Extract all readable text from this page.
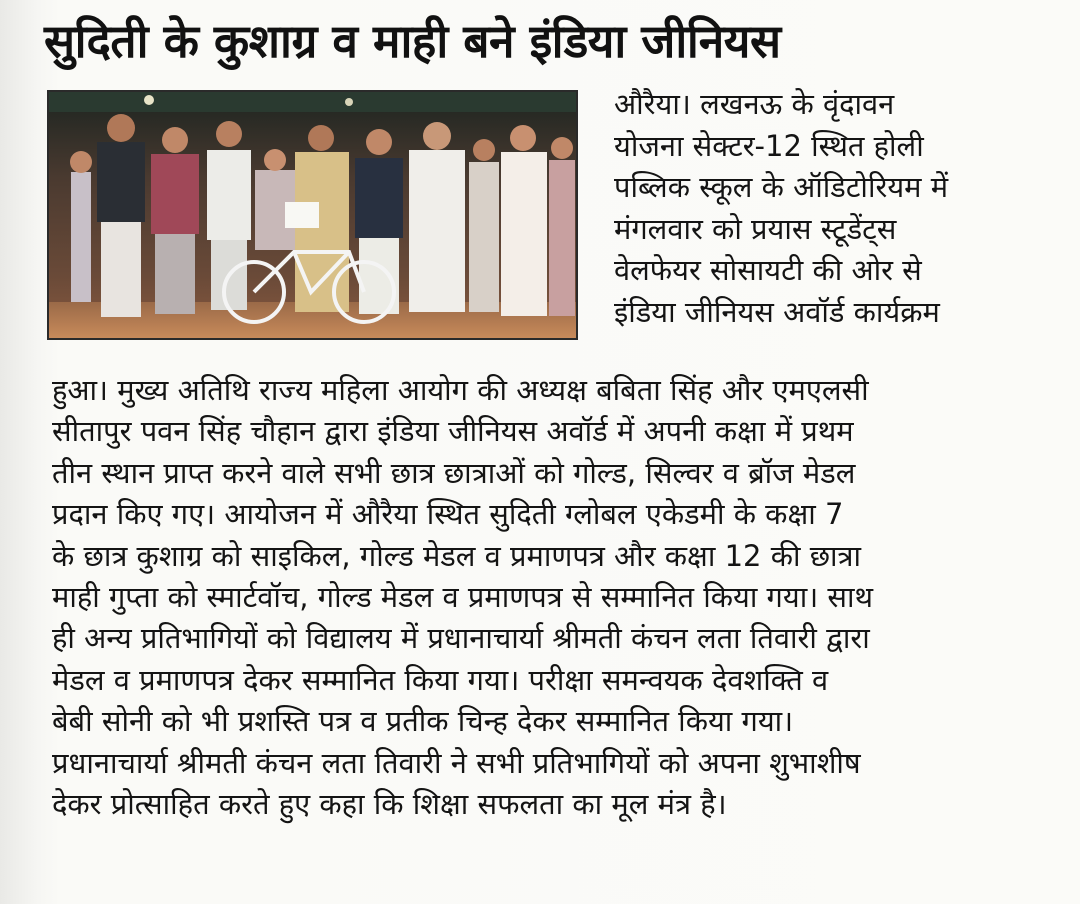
सुदिती के कुशाग्र व माही बने इंडिया जीनियस
औरैया। लखनऊ के वृंदावन
योजना सेक्टर-12 स्थित होली
पब्लिक स्कूल के ऑडिटोरियम में
मंगलवार को प्रयास स्टूडेंट्स
वेलफेयर सोसायटी की ओर से
इंडिया जीनियस अवॉर्ड कार्यक्रम
हुआ। मुख्य अतिथि राज्य महिला आयोग की अध्यक्ष बबिता सिंह और एमएलसी
सीतापुर पवन सिंह चौहान द्वारा इंडिया जीनियस अवॉर्ड में अपनी कक्षा में प्रथम
तीन स्थान प्राप्त करने वाले सभी छात्र छात्राओं को गोल्ड, सिल्वर व ब्रॉज मेडल
प्रदान किए गए। आयोजन में औरैया स्थित सुदिती ग्लोबल एकेडमी के कक्षा 7
के छात्र कुशाग्र को साइकिल, गोल्ड मेडल व प्रमाणपत्र और कक्षा 12 की छात्रा
माही गुप्ता को स्मार्टवॉच, गोल्ड मेडल व प्रमाणपत्र से सम्मानित किया गया। साथ
ही अन्य प्रतिभागियों को विद्यालय में प्रधानाचार्या श्रीमती कंचन लता तिवारी द्वारा
मेडल व प्रमाणपत्र देकर सम्मानित किया गया। परीक्षा समन्वयक देवशक्ति व
बेबी सोनी को भी प्रशस्ति पत्र व प्रतीक चिन्ह देकर सम्मानित किया गया।
प्रधानाचार्या श्रीमती कंचन लता तिवारी ने सभी प्रतिभागियों को अपना शुभाशीष
देकर प्रोत्साहित करते हुए कहा कि शिक्षा सफलता का मूल मंत्र है।
